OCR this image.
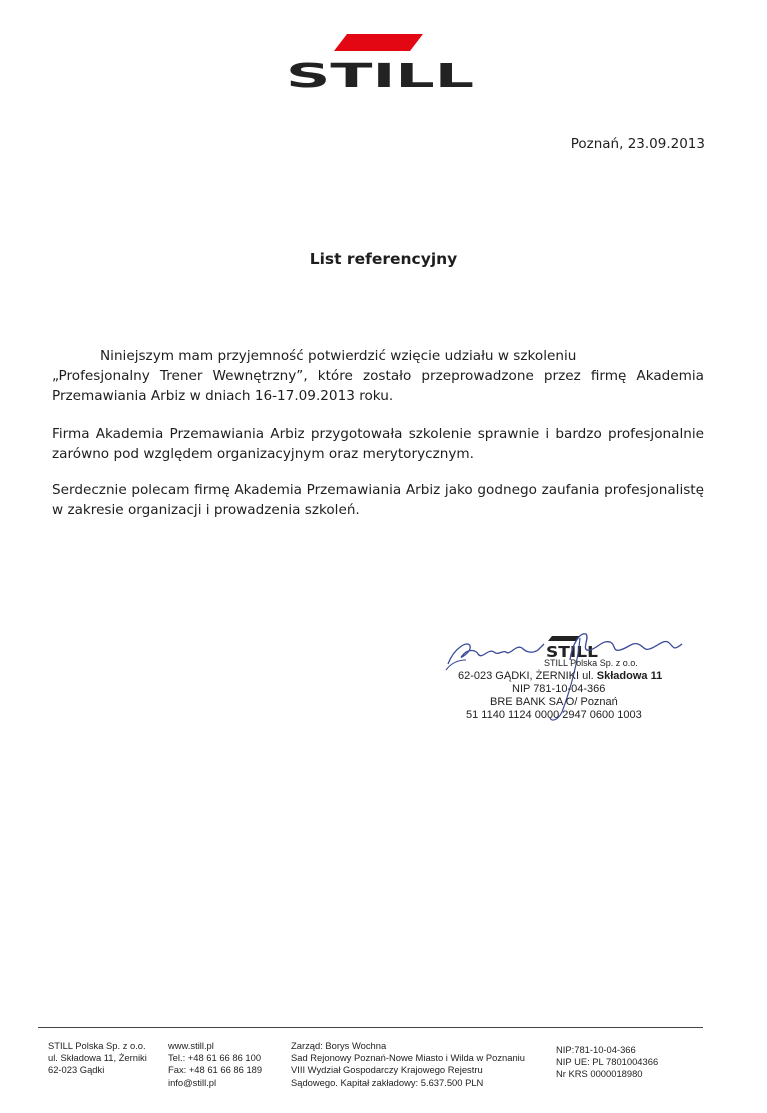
STILL
Poznań, 23.09.2013
List referencyjny
Niniejszym mam przyjemność potwierdzić wzięcie udziału w szkoleniu
„Profesjonalny Trener Wewnętrzny”, które zostało przeprowadzone przez firmę Akademia
Przemawiania Arbiz w dniach 16-17.09.2013 roku.
Firma Akademia Przemawiania Arbiz przygotowała szkolenie sprawnie i bardzo profesjonalnie
zarówno pod względem organizacyjnym oraz merytorycznym.
Serdecznie polecam firmę Akademia Przemawiania Arbiz jako godnego zaufania profesjonalistę
w zakresie organizacji i prowadzenia szkoleń.
STILL
STILL Polska Sp. z o.o.
62-023 GĄDKI, ŻERNIKI ul. Składowa 11
NIP 781-10-04-366
BRE BANK SA O/ Poznań
51 1140 1124 0000 2947 0600 1003
STILL Polska Sp. z o.o.
ul. Składowa 11, Żerniki
62-023 Gądki
www.still.pl
Tel.: +48 61 66 86 100
Fax: +48 61 66 86 189
info@still.pl
Zarząd: Borys Wochna
Sad Rejonowy Poznań-Nowe Miasto i Wilda w Poznaniu
VIII Wydział Gospodarczy Krajowego Rejestru
Sądowego. Kapitał zakładowy: 5.637.500 PLN
NIP:781-10-04-366
NIP UE: PL 7801004366
Nr KRS 0000018980
